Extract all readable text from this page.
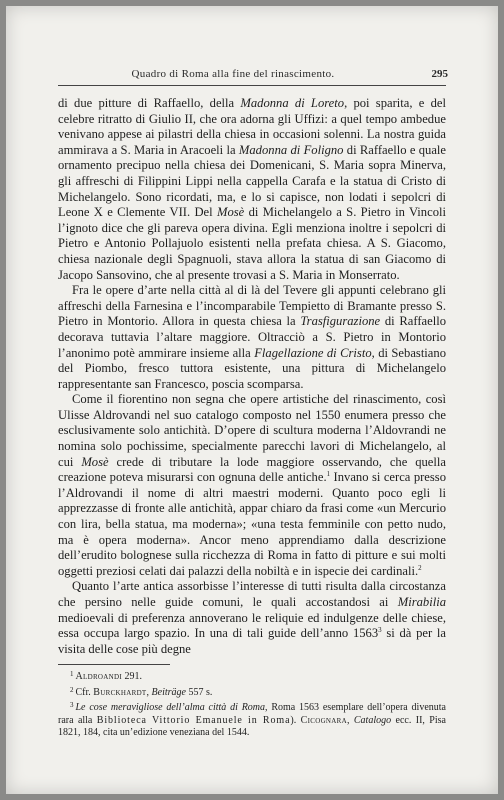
Quadro di Roma alla fine del rinascimento.	295

di due pitture di Raffaello, della Madonna di Loreto, poi sparita, e del celebre ritratto di Giulio II, che ora adorna gli Uffizi: a quel tempo ambedue venivano appese ai pilastri della chiesa in occasioni solenni. La nostra guida ammirava a S. Maria in Aracoeli la Madonna di Foligno di Raffaello e quale ornamento precipuo nella chiesa dei Domenicani, S. Maria sopra Minerva, gli affreschi di Filippini Lippi nella cappella Carafa e la statua di Cristo di Michelangelo. Sono ricordati, ma, e lo si capisce, non lodati i sepolcri di Leone X e Clemente VII. Del Mosè di Michelangelo a S. Pietro in Vincoli l’ignoto dice che gli pareva opera divina. Egli menziona inoltre i sepolcri di Pietro e Antonio Pollajuolo esistenti nella prefata chiesa. A S. Giacomo, chiesa nazionale degli Spagnuoli, stava allora la statua di san Giacomo di Jacopo Sansovino, che al presente trovasi a S. Maria in Monserrato.

Fra le opere d’arte nella città al di là del Tevere gli appunti celebrano gli affreschi della Farnesina e l’incomparabile Tempietto di Bramante presso S. Pietro in Montorio. Allora in questa chiesa la Trasfigurazione di Raffaello decorava tuttavia l’altare maggiore. Oltracciò a S. Pietro in Montorio l’anonimo potè ammirare insieme alla Flagellazione di Cristo, di Sebastiano del Piombo, fresco tuttora esistente, una pittura di Michelangelo rappresentante san Francesco, poscia scomparsa.

Come il fiorentino non segna che opere artistiche del rinascimento, così Ulisse Aldrovandi nel suo catalogo composto nel 1550 enumera presso che esclusivamente solo antichità. D’opere di scultura moderna l’Aldovrandi ne nomina solo pochissime, specialmente parecchi lavori di Michelangelo, al cui Mosè crede di tributare la lode maggiore osservando, che quella creazione poteva misurarsi con ognuna delle antiche.$^1$ Invano si cerca presso l’Aldrovandi il nome di altri maestri moderni. Quanto poco egli li apprezzasse di fronte alle antichità, appar chiaro da frasi come «un Mercurio con lira, bella statua, ma moderna»; «una testa femminile con petto nudo, ma è opera moderna». Ancor meno apprendiamo dalla descrizione dell’erudito bolognese sulla ricchezza di Roma in fatto di pitture e sui molti oggetti preziosi celati dai palazzi della nobiltà e in ispecie dei cardinali.$^2$

Quanto l’arte antica assorbisse l’interesse di tutti risulta dalla circostanza che persino nelle guide comuni, le quali accostandosi ai Mirabilia medioevali di preferenza annoverano le reliquie ed indulgenze delle chiese, essa occupa largo spazio. In una di tali guide dell’anno 1563$^3$ si dà per la visita delle cose più degne

$^1$ Aldroandi 291.
$^2$ Cfr. Burckhardt, Beiträge 557 s.
$^3$ Le cose meravigliose dell’alma città di Roma, Roma 1563 esemplare dell’opera divenuta rara alla Biblioteca Vittorio Emanuele in Roma). Cicognara, Catalogo ecc. II, Pisa 1821, 184, cita un’edizione veneziana del 1544.
